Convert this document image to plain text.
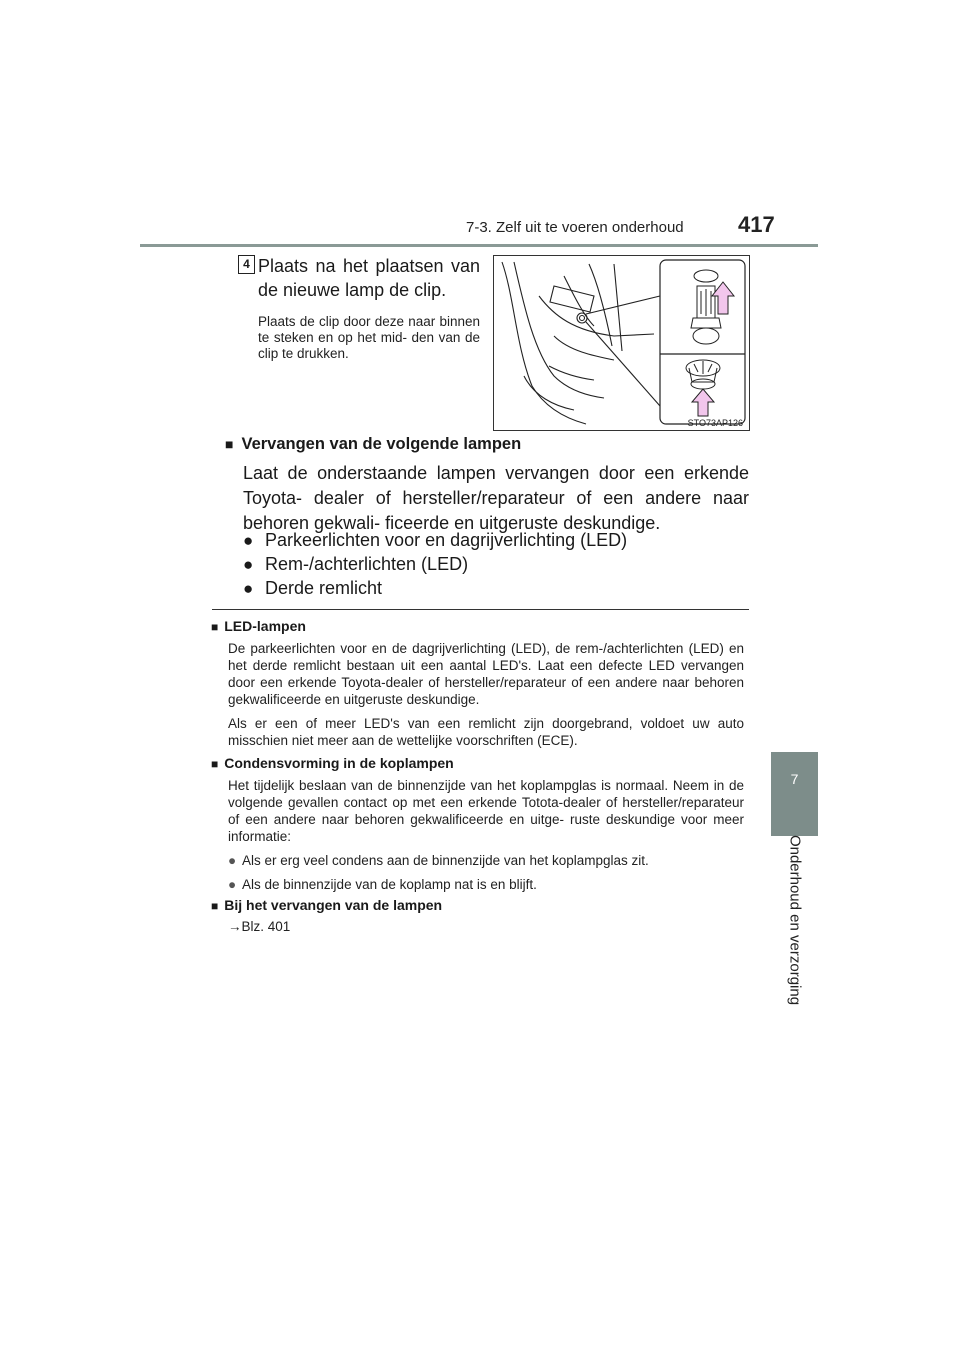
7-3. Zelf uit te voeren onderhoud 417
7
Onderhoud en verzorging
4 Plaats na het plaatsen van de nieuwe lamp de clip.
Plaats de clip door deze naar binnen te steken en op het mid- den van de clip te drukken.
STO73AP126
■ Vervangen van de volgende lampen
Laat de onderstaande lampen vervangen door een erkende Toyota- dealer of hersteller/reparateur of een andere naar behoren gekwali- ficeerde en uitgeruste deskundige.
● Parkeerlichten voor en dagrijverlichting (LED)
● Rem-/achterlichten (LED)
● Derde remlicht
■ LED-lampen
De parkeerlichten voor en de dagrijverlichting (LED), de rem-/achterlichten (LED) en het derde remlicht bestaan uit een aantal LED's. Laat een defecte LED vervangen door een erkende Toyota-dealer of hersteller/reparateur of een andere naar behoren gekwalificeerde en uitgeruste deskundige.
Als er een of meer LED's van een remlicht zijn doorgebrand, voldoet uw auto misschien niet meer aan de wettelijke voorschriften (ECE).
■ Condensvorming in de koplampen
Het tijdelijk beslaan van de binnenzijde van het koplampglas is normaal. Neem in de volgende gevallen contact op met een erkende Totota-dealer of hersteller/reparateur of een andere naar behoren gekwalificeerde en uitge- ruste deskundige voor meer informatie:
● Als er erg veel condens aan de binnenzijde van het koplampglas zit.
● Als de binnenzijde van de koplamp nat is en blijft.
■ Bij het vervangen van de lampen
→Blz. 401
